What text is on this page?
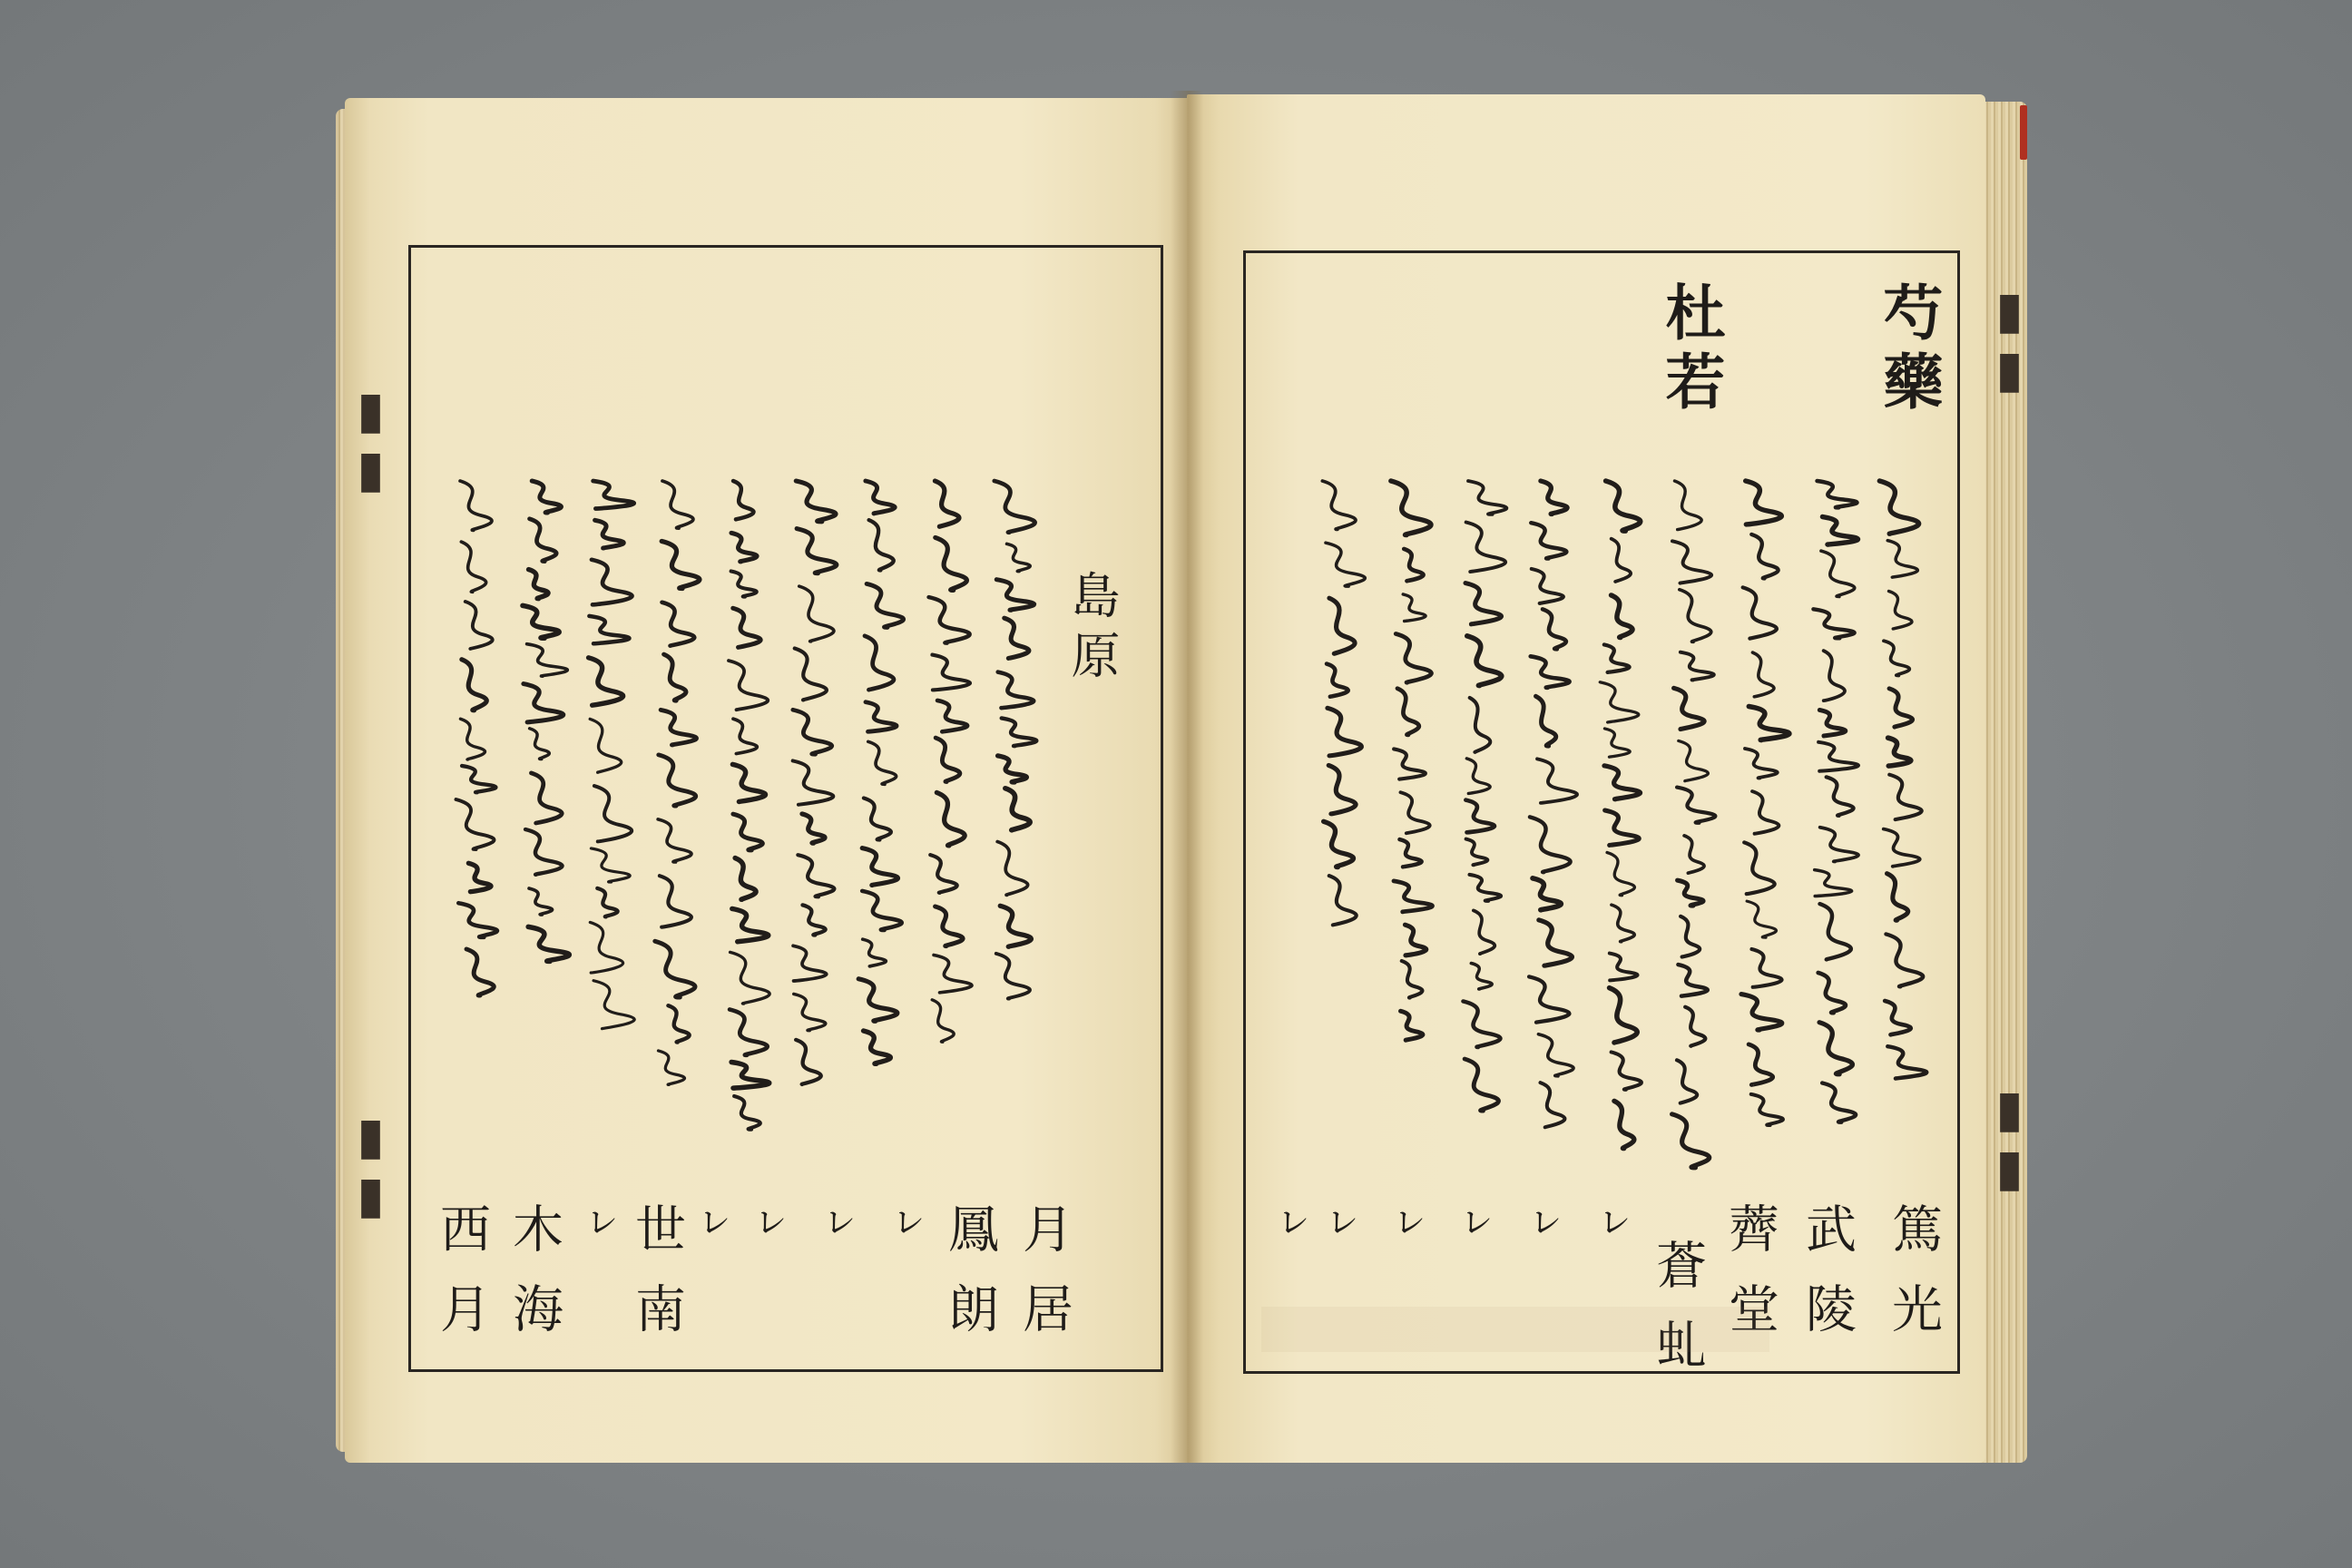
▮▮
▮▮
▮▮
▮▮
芍藥
杜若
篤光
武陵
薺堂
蒼虬
ㇾ
ㇾ
ㇾ
ㇾ
ㇾ
ㇾ
島原
月居
鳳朗
世南
木海
西月	ㇾ
ㇾ
ㇾ
ㇾ
ㇾ
